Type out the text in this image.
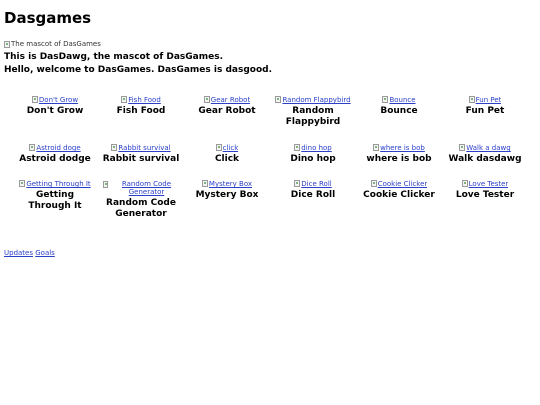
Dasgames
The mascot of DasGames
This is DasDawg, the mascot of DasGames.
Hello, welcome to DasGames. DasGames is dasgood.
Don't Grow
Don't Grow
Fish Food
Fish Food
Gear Robot
Gear Robot
Random Flappybird
Random Flappybird
Bounce
Bounce
Fun Pet
Fun Pet
Astroid doge
Astroid dodge
Rabbit survival
Rabbit survival
click
Click
dino hop
Dino hop
where is bob
where is bob
Walk a dawg
Walk dasdawg
Getting Through It
Getting Through It
Random Code Generator
Random Code Generator
Mystery Box
Mystery Box
Dice Roll
Dice Roll
Cookie Clicker
Cookie Clicker
Love Tester
Love Tester
Updates Goals
